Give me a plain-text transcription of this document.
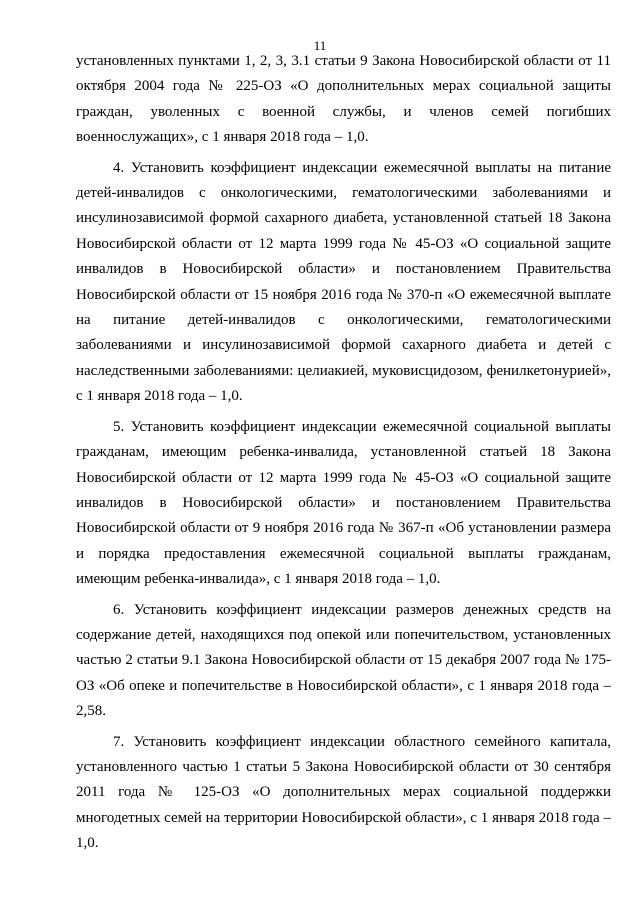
11

установленных пунктами 1, 2, 3, 3.1 статьи 9 Закона Новосибирской области от 11 октября 2004 года № 225-ОЗ «О дополнительных мерах социальной защиты граждан, уволенных с военной службы, и членов семей погибших военнослужащих», с 1 января 2018 года – 1,0.

4. Установить коэффициент индексации ежемесячной выплаты на питание детей-инвалидов с онкологическими, гематологическими заболеваниями и инсулинозависимой формой сахарного диабета, установленной статьей 18 Закона Новосибирской области от 12 марта 1999 года № 45-ОЗ «О социальной защите инвалидов в Новосибирской области» и постановлением Правительства Новосибирской области от 15 ноября 2016 года № 370-п «О ежемесячной выплате на питание детей-инвалидов с онкологическими, гематологическими заболеваниями и инсулинозависимой формой сахарного диабета и детей с наследственными заболеваниями: целиакией, муковисцидозом, фенилкетонурией», с 1 января 2018 года – 1,0.

5. Установить коэффициент индексации ежемесячной социальной выплаты гражданам, имеющим ребенка-инвалида, установленной статьей 18 Закона Новосибирской области от 12 марта 1999 года № 45-ОЗ «О социальной защите инвалидов в Новосибирской области» и постановлением Правительства Новосибирской области от 9 ноября 2016 года № 367-п «Об установлении размера и порядка предоставления ежемесячной социальной выплаты гражданам, имеющим ребенка-инвалида», с 1 января 2018 года – 1,0.

6. Установить коэффициент индексации размеров денежных средств на содержание детей, находящихся под опекой или попечительством, установленных частью 2 статьи 9.1 Закона Новосибирской области от 15 декабря 2007 года № 175-ОЗ «Об опеке и попечительстве в Новосибирской области», с 1 января 2018 года – 2,58.

7. Установить коэффициент индексации областного семейного капитала, установленного частью 1 статьи 5 Закона Новосибирской области от 30 сентября 2011 года № 125-ОЗ «О дополнительных мерах социальной поддержки многодетных семей на территории Новосибирской области», с 1 января 2018 года – 1,0.
